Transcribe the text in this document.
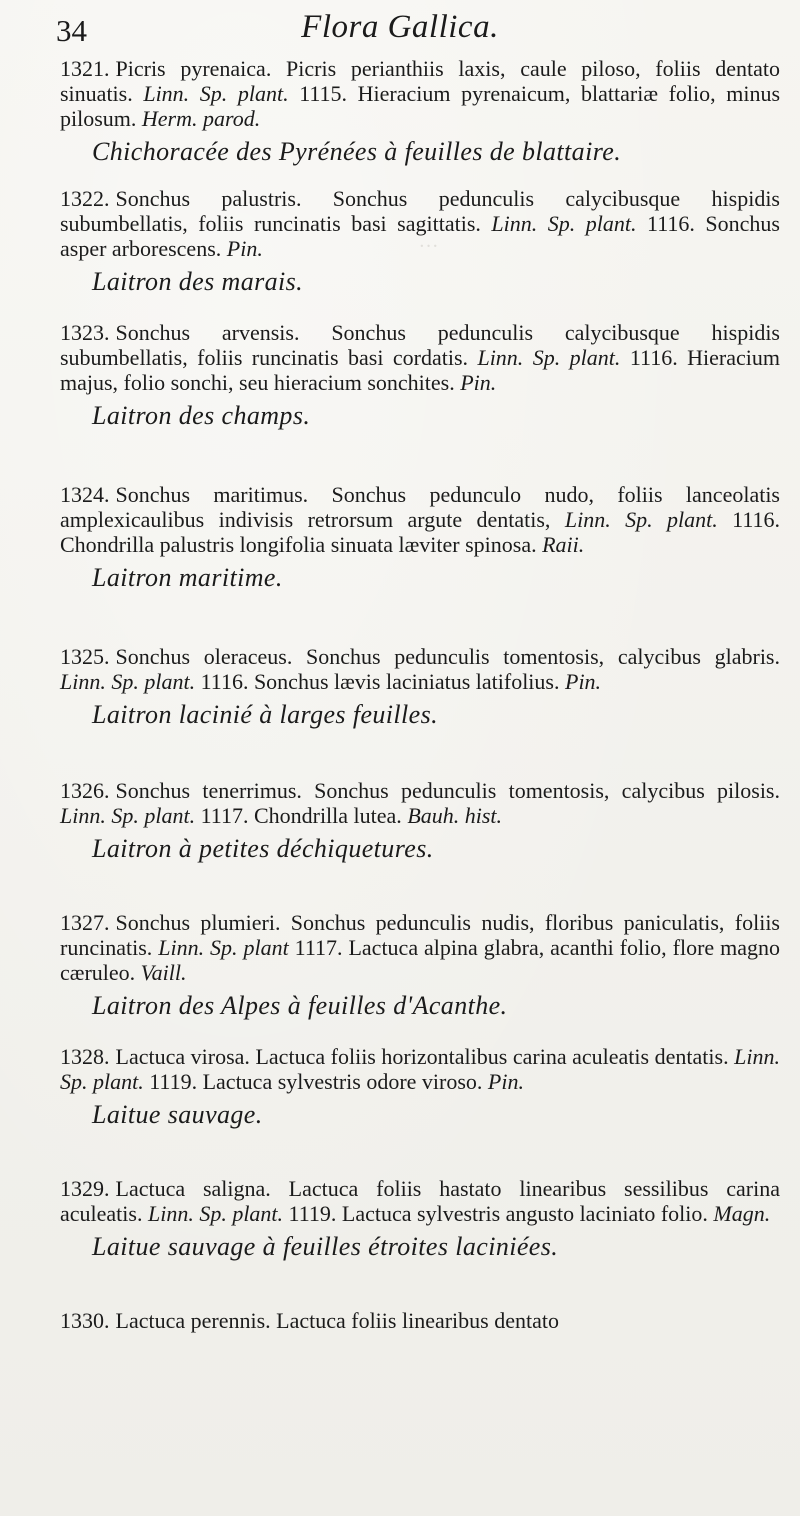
…
34	Flora Gallica.
1321. Picris pyrenaica. Picris perianthiis laxis, caule piloso, foliis dentato sinuatis. Linn. Sp. plant. 1115. Hieracium pyrenaicum, blattariæ folio, minus pilosum. Herm. parod.
Chichoracée des Pyrénées à feuilles de blattaire.
1322. Sonchus palustris. Sonchus pedunculis calycibusque hispidis subumbellatis, foliis runcinatis basi sagittatis. Linn. Sp. plant. 1116. Sonchus asper arborescens. Pin.
Laitron des marais.
1323. Sonchus arvensis. Sonchus pedunculis calycibusque hispidis subumbellatis, foliis runcinatis basi cordatis. Linn. Sp. plant. 1116. Hieracium majus, folio sonchi, seu hieracium sonchites. Pin.
Laitron des champs.
1324. Sonchus maritimus. Sonchus pedunculo nudo, foliis lanceolatis amplexicaulibus indivisis retrorsum argute dentatis, Linn. Sp. plant. 1116. Chondrilla palustris longifolia sinuata læviter spinosa. Raii.
Laitron maritime.
1325. Sonchus oleraceus. Sonchus pedunculis tomentosis, calycibus glabris. Linn. Sp. plant. 1116. Sonchus lævis laciniatus latifolius. Pin.
Laitron lacinié à larges feuilles.
1326. Sonchus tenerrimus. Sonchus pedunculis tomentosis, calycibus pilosis. Linn. Sp. plant. 1117. Chondrilla lutea. Bauh. hist.
Laitron à petites déchiquetures.
1327. Sonchus plumieri. Sonchus pedunculis nudis, floribus paniculatis, foliis runcinatis. Linn. Sp. plant 1117. Lactuca alpina glabra, acanthi folio, flore magno cæruleo. Vaill.
Laitron des Alpes à feuilles d'Acanthe.
1328. Lactuca virosa. Lactuca foliis horizontalibus carina aculeatis dentatis. Linn. Sp. plant. 1119. Lactuca sylvestris odore viroso. Pin.
Laitue sauvage.
1329. Lactuca saligna. Lactuca foliis hastato linearibus sessilibus carina aculeatis. Linn. Sp. plant. 1119. Lactuca sylvestris angusto laciniato folio. Magn.
Laitue sauvage à feuilles étroites laciniées.
1330. Lactuca perennis. Lactuca foliis linearibus dentato
